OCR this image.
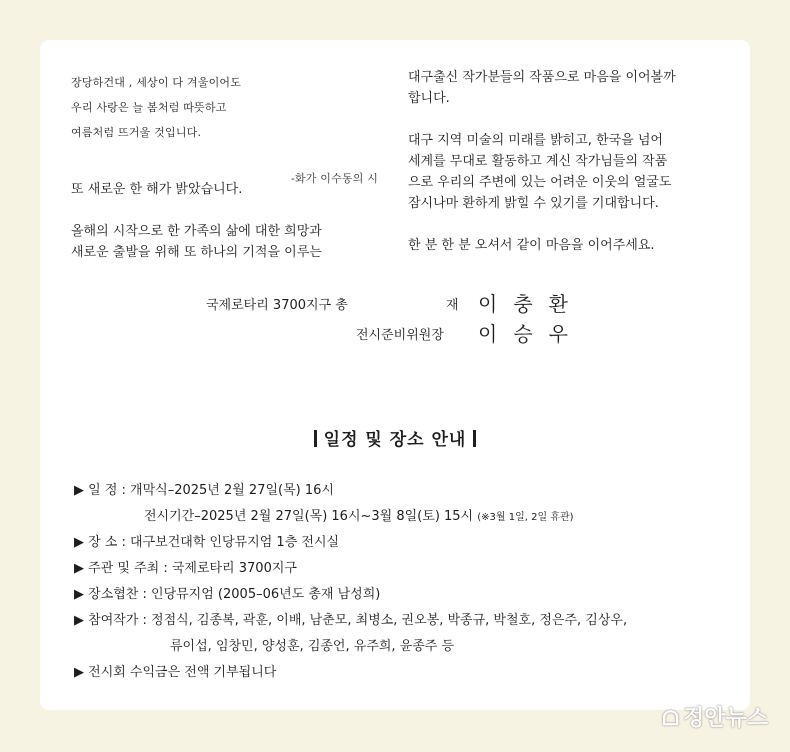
장당하건대 , 세상이 다 겨울이어도
우리 사랑은 늘 봄처럼 따뜻하고
여름처럼 뜨거울 것입니다.
-화가 이수동의 시
또 새로운 한 해가 밝았습니다.
올해의 시작으로 한 가족의 삶에 대한 희망과
새로운 출발을 위해 또 하나의 기적을 이루는
대구출신 작가분들의 작품으로 마음을 이어볼까
합니다.
대구 지역 미술의 미래를 밝히고, 한국을 넘어
세계를 무대로 활동하고 계신 작가님들의 작품
으로 우리의 주변에 있는 어려운 이웃의 얼굴도
잠시나마 환하게 밝힐 수 있기를 기대합니다.
한 분 한 분 오셔서 같이 마음을 이어주세요.
국제로타리 3700지구 총	재 이충환
전시준비위원장 이승우
일정 및 장소 안내
▶ 일 정 : 개막식–2025년 2월 27일(목) 16시
전시기간–2025년 2월 27일(목) 16시~3월 8일(토) 15시 (※3월 1일, 2일 휴관)
▶ 장 소 : 대구보건대학 인당뮤지엄 1층 전시실
▶ 주관 및 주최 : 국제로타리 3700지구
▶ 장소협찬 : 인당뮤지엄 (2005–06년도 총재 남성희)
▶ 참여작가 : 정점식, 김종복, 곽훈, 이배, 남춘모, 최병소, 권오봉, 박종규, 박철호, 정은주, 김상우,
류이섭, 임창민, 양성훈, 김종언, 유주희, 윤종주 등
▶ 전시회 수익금은 전액 기부됩니다
ᗝ 정안뉴스
